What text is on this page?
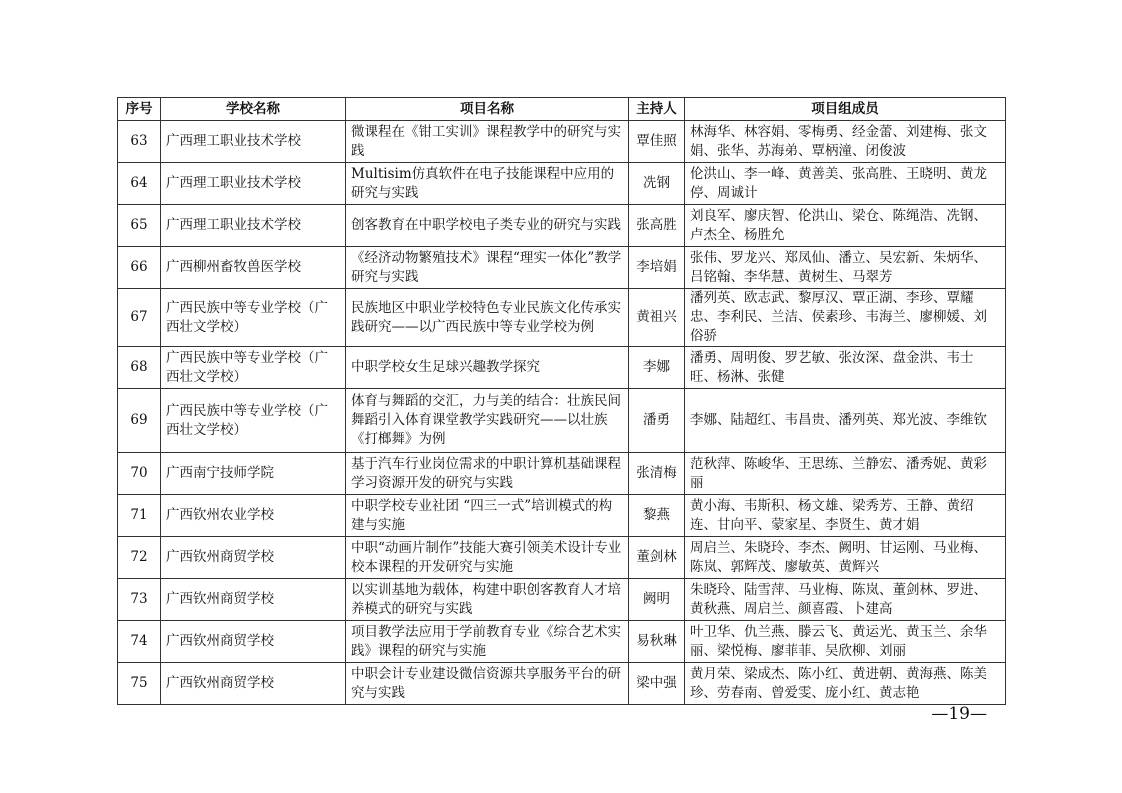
序号	学校名称	项目名称	主持人	项目组成员
63	广西理工职业技术学校	微课程在《钳工实训》课程教学中的研究与实践	覃佳照	林海华、林容娟、零梅勇、经金蕾、刘建梅、张文娟、张华、苏海弟、覃柄潼、闭俊波
64	广西理工职业技术学校	Multisim仿真软件在电子技能课程中应用的研究与实践	冼钢	伦洪山、李一峰、黄善美、张高胜、王晓明、黄龙停、周诚计
65	广西理工职业技术学校	创客教育在中职学校电子类专业的研究与实践	张高胜	刘良军、廖庆智、伦洪山、梁仓、陈绳浩、冼钢、卢杰全、杨胜允
66	广西柳州畜牧兽医学校	《经济动物繁殖技术》课程“理实一体化”教学研究与实践	李培娟	张伟、罗龙兴、郑凤仙、潘立、吴宏新、朱炳华、吕铭翰、李华慧、黄树生、马翠芳
67	广西民族中等专业学校（广西壮文学校）	民族地区中职业学校特色专业民族文化传承实践研究——以广西民族中等专业学校为例	黄祖兴	潘列英、欧志武、黎厚汉、覃正湖、李珍、覃耀忠、李利民、兰洁、侯素珍、韦海兰、廖柳媛、刘俗骄
68	广西民族中等专业学校（广西壮文学校）	中职学校女生足球兴趣教学探究	李娜	潘勇、周明俊、罗艺敏、张汝深、盘金洪、韦士旺、杨淋、张健
69	广西民族中等专业学校（广西壮文学校）	体育与舞蹈的交汇，力与美的结合：壮族民间舞蹈引入体育课堂教学实践研究——以壮族《打榔舞》为例	潘勇	李娜、陆超红、韦昌贵、潘列英、郑光波、李维钦
70	广西南宁技师学院	基于汽车行业岗位需求的中职计算机基础课程学习资源开发的研究与实践	张清梅	范秋萍、陈峻华、王思练、兰静宏、潘秀妮、黄彩丽
71	广西钦州农业学校	中职学校专业社团 “四三一式”培训模式的构建与实施	黎燕	黄小海、韦斯积、杨文雄、梁秀芳、王静、黄绍连、甘向平、蒙家星、李贤生、黄才娟
72	广西钦州商贸学校	中职“动画片制作”技能大赛引领美术设计专业校本课程的开发研究与实施	董剑林	周启兰、朱晓玲、李杰、阙明、甘运刚、马业梅、陈岚、郭辉茂、廖敏英、黄辉兴
73	广西钦州商贸学校	以实训基地为载体，构建中职创客教育人才培养模式的研究与实践	阙明	朱晓玲、陆雪萍、马业梅、陈岚、董剑林、罗进、黄秋燕、周启兰、颜喜霞、卜建高
74	广西钦州商贸学校	项目教学法应用于学前教育专业《综合艺术实践》课程的研究与实施	易秋琳	叶卫华、仇兰燕、滕云飞、黄运光、黄玉兰、余华丽、梁悦梅、廖菲菲、吴欣柳、刘丽
75	广西钦州商贸学校	中职会计专业建设微信资源共享服务平台的研究与实践	梁中强	黄月荣、梁成杰、陈小红、黄进朝、黄海燕、陈美珍、劳春南、曾爱雯、庞小红、黄志艳
—19—
